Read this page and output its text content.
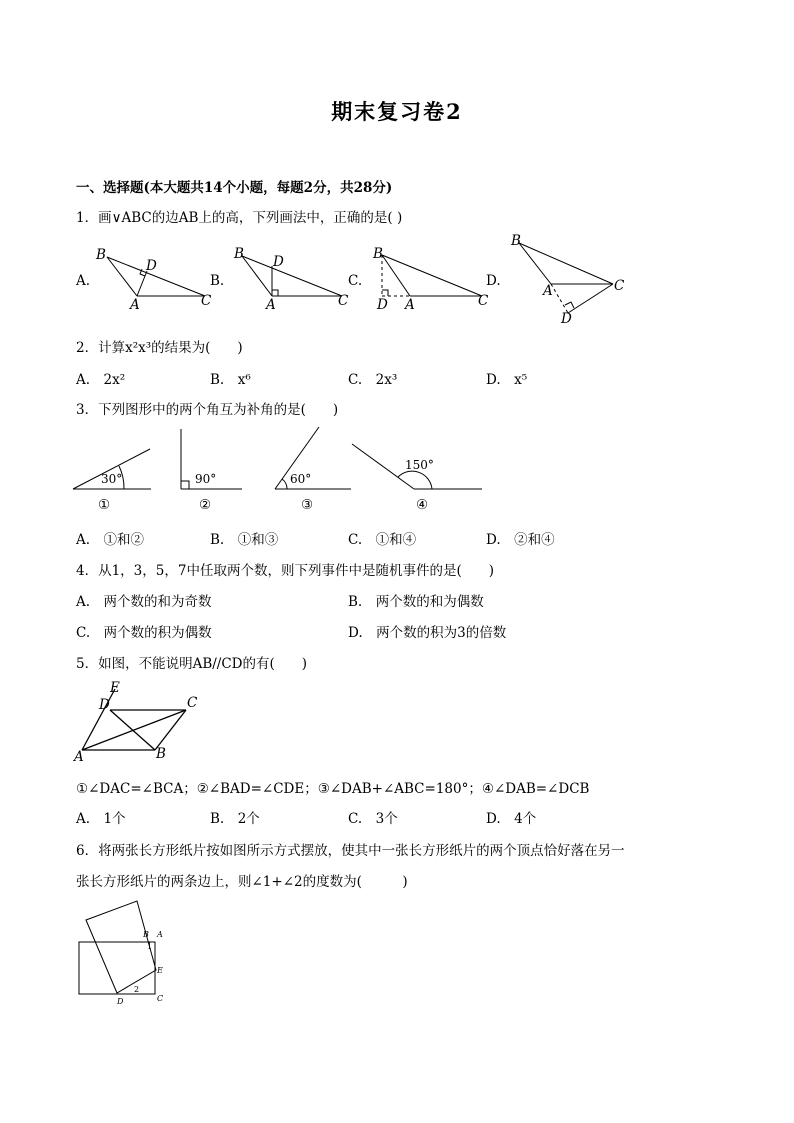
期末复习卷2
一、选择题(本大题共14个小题，每题2分，共28分)
1．画∨ABC的边AB上的高，下列画法中，正确的是( )
A.	B.	C.	D.
B
D
A	C
B D
A	C
B
D A	C
B
A	C
D
2．计算x²x³的结果为(　　)
A.　2x²	B.　x⁶	C.　2x³	D.　x⁵
3．下列图形中的两个角互为补角的是(　　)
30°	90°	60°
150°
①	②	③	④
A.　①和②	B.　①和③	C.　①和④	D.　②和④
4．从1，3，5，7中任取两个数，则下列事件中是随机事件的是(　　)
A.　两个数的和为奇数	B.　两个数的和为偶数
C.　两个数的积为偶数	D.　两个数的积为3的倍数
5．如图，不能说明AB//CD的有(　　)
E
D	C
A	B
①∠DAC=∠BCA；②∠BAD=∠CDE；③∠DAB+∠ABC=180°；④∠DAB=∠DCB
A.　1个	B.　2个	C.　3个	D.　4个
6．将两张长方形纸片按如图所示方式摆放，使其中一张长方形纸片的两个顶点恰好落在另一
张长方形纸片的两条边上，则∠1+∠2的度数为(　　　)
B A
1
E
D
2
C
